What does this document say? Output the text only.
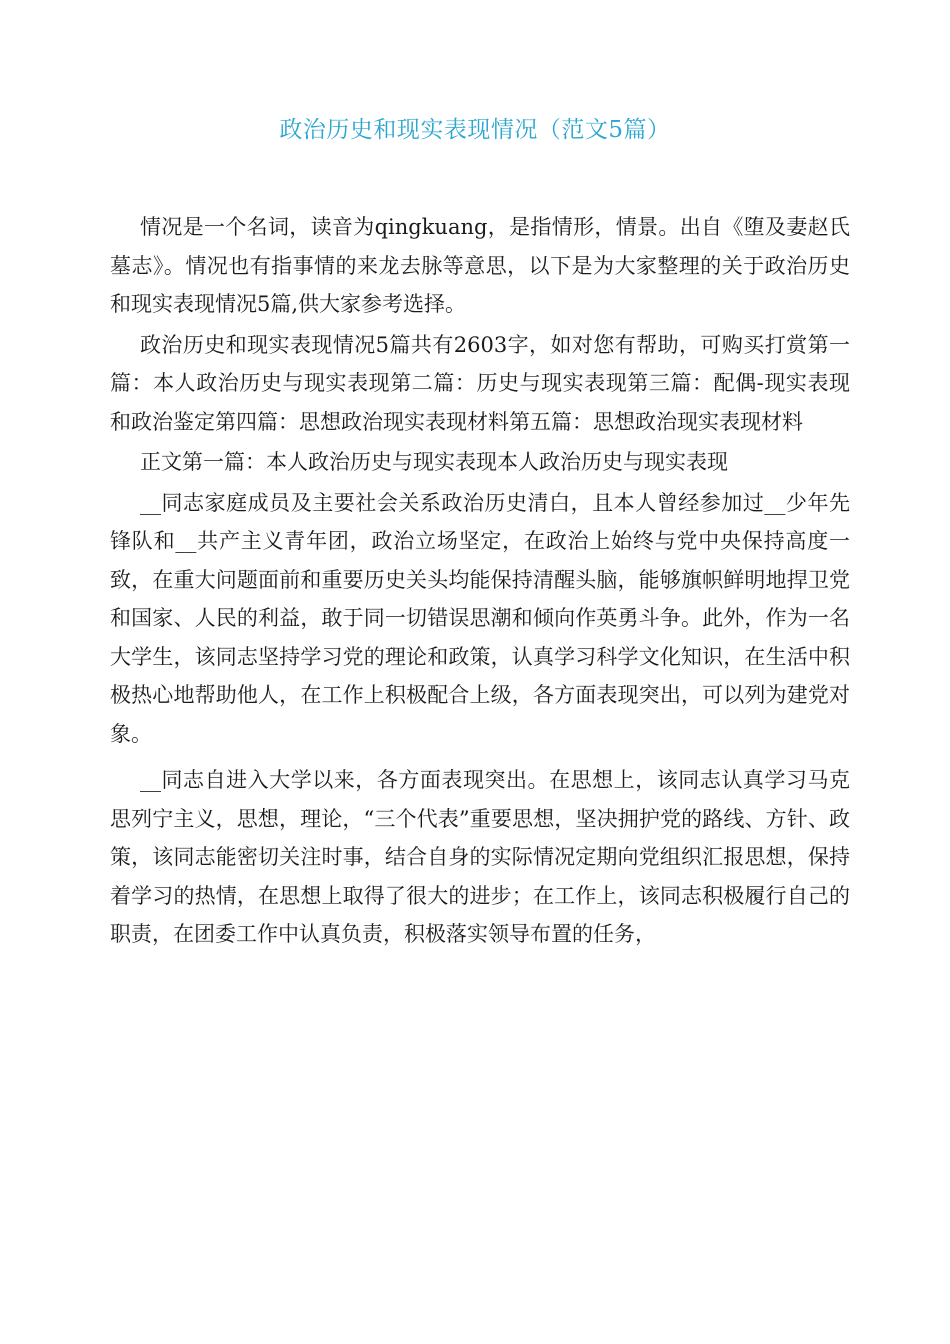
政治历史和现实表现情况（范文5篇）

情况是一个名词，读音为qingkuang，是指情形，情景。出自《堕及妻赵氏墓志》。情况也有指事情的来龙去脉等意思，以下是为大家整理的关于政治历史和现实表现情况5篇,供大家参考选择。

政治历史和现实表现情况5篇共有2603字，如对您有帮助，可购买打赏第一篇：本人政治历史与现实表现第二篇：历史与现实表现第三篇：配偶-现实表现和政治鉴定第四篇：思想政治现实表现材料第五篇：思想政治现实表现材料

正文第一篇：本人政治历史与现实表现本人政治历史与现实表现

__同志家庭成员及主要社会关系政治历史清白，且本人曾经参加过__少年先锋队和__共产主义青年团，政治立场坚定，在政治上始终与党中央保持高度一致，在重大问题面前和重要历史关头均能保持清醒头脑，能够旗帜鲜明地捍卫党和国家、人民的利益，敢于同一切错误思潮和倾向作英勇斗争。此外，作为一名大学生，该同志坚持学习党的理论和政策，认真学习科学文化知识，在生活中积极热心地帮助他人，在工作上积极配合上级，各方面表现突出，可以列为建党对象。

__同志自进入大学以来，各方面表现突出。在思想上，该同志认真学习马克思列宁主义，思想，理论，“三个代表”重要思想，坚决拥护党的路线、方针、政策，该同志能密切关注时事，结合自身的实际情况定期向党组织汇报思想，保持着学习的热情，在思想上取得了很大的进步；在工作上，该同志积极履行自己的职责，在团委工作中认真负责，积极落实领导布置的任务，
